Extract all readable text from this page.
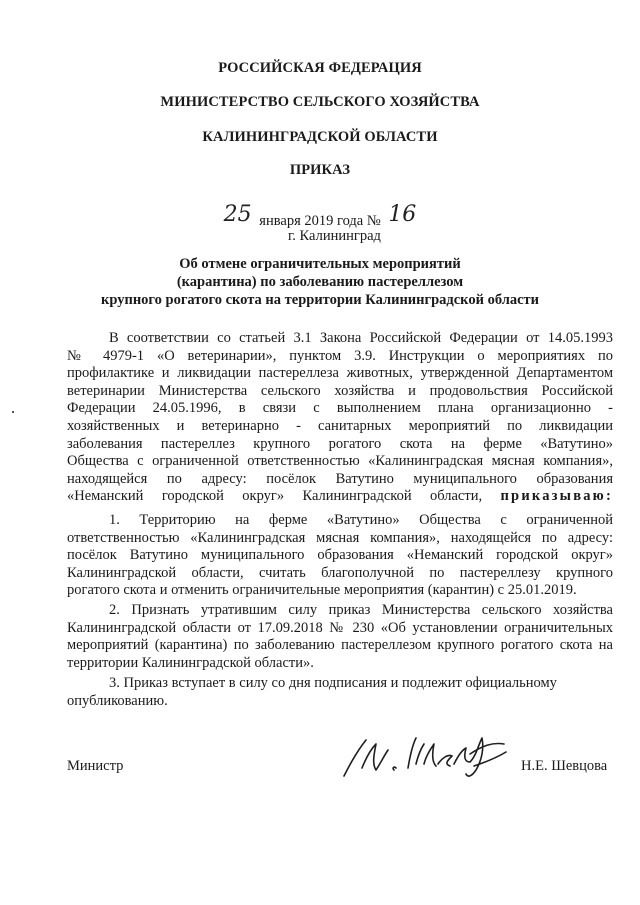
РОССИЙСКАЯ ФЕДЕРАЦИЯ
МИНИСТЕРСТВО СЕЛЬСКОГО ХОЗЯЙСТВА
КАЛИНИНГРАДСКОЙ ОБЛАСТИ
ПРИКАЗ
25 января 2019 года № 16
г. Калининград
Об отмене ограничительных мероприятий
(карантина) по заболеванию пастереллезом
крупного рогатого скота на территории Калининградской области
В соответствии со статьей 3.1 Закона Российской Федерации от 14.05.1993
№ 4979-1 «О ветеринарии», пунктом 3.9. Инструкции о мероприятиях по
профилактике и ликвидации пастереллеза животных, утвержденной Департаментом
ветеринарии Министерства сельского хозяйства и продовольствия Российской
Федерации 24.05.1996, в связи с выполнением плана организационно -
хозяйственных и ветеринарно - санитарных мероприятий по ликвидации
заболевания пастереллез крупного рогатого скота на ферме «Ватутино»
Общества с ограниченной ответственностью «Калининградская мясная компания»,
находящейся по адресу: посёлок Ватутино муниципального образования
«Неманский городской округ» Калининградской области, приказываю:
1. Территорию на ферме «Ватутино» Общества с ограниченной
ответственностью «Калининградская мясная компания», находящейся по адресу:
посёлок Ватутино муниципального образования «Неманский городской округ»
Калининградской области, считать благополучной по пастереллезу крупного
рогатого скота и отменить ограничительные мероприятия (карантин) с 25.01.2019.
2. Признать утратившим силу приказ Министерства сельского хозяйства
Калининградской области от 17.09.2018 № 230 «Об установлении ограничительных
мероприятий (карантина) по заболеванию пастереллезом крупного рогатого скота на
территории Калининградской области».
3. Приказ вступает в силу со дня подписания и подлежит официальному
опубликованию.
Министр	Н.Е. Шевцова
